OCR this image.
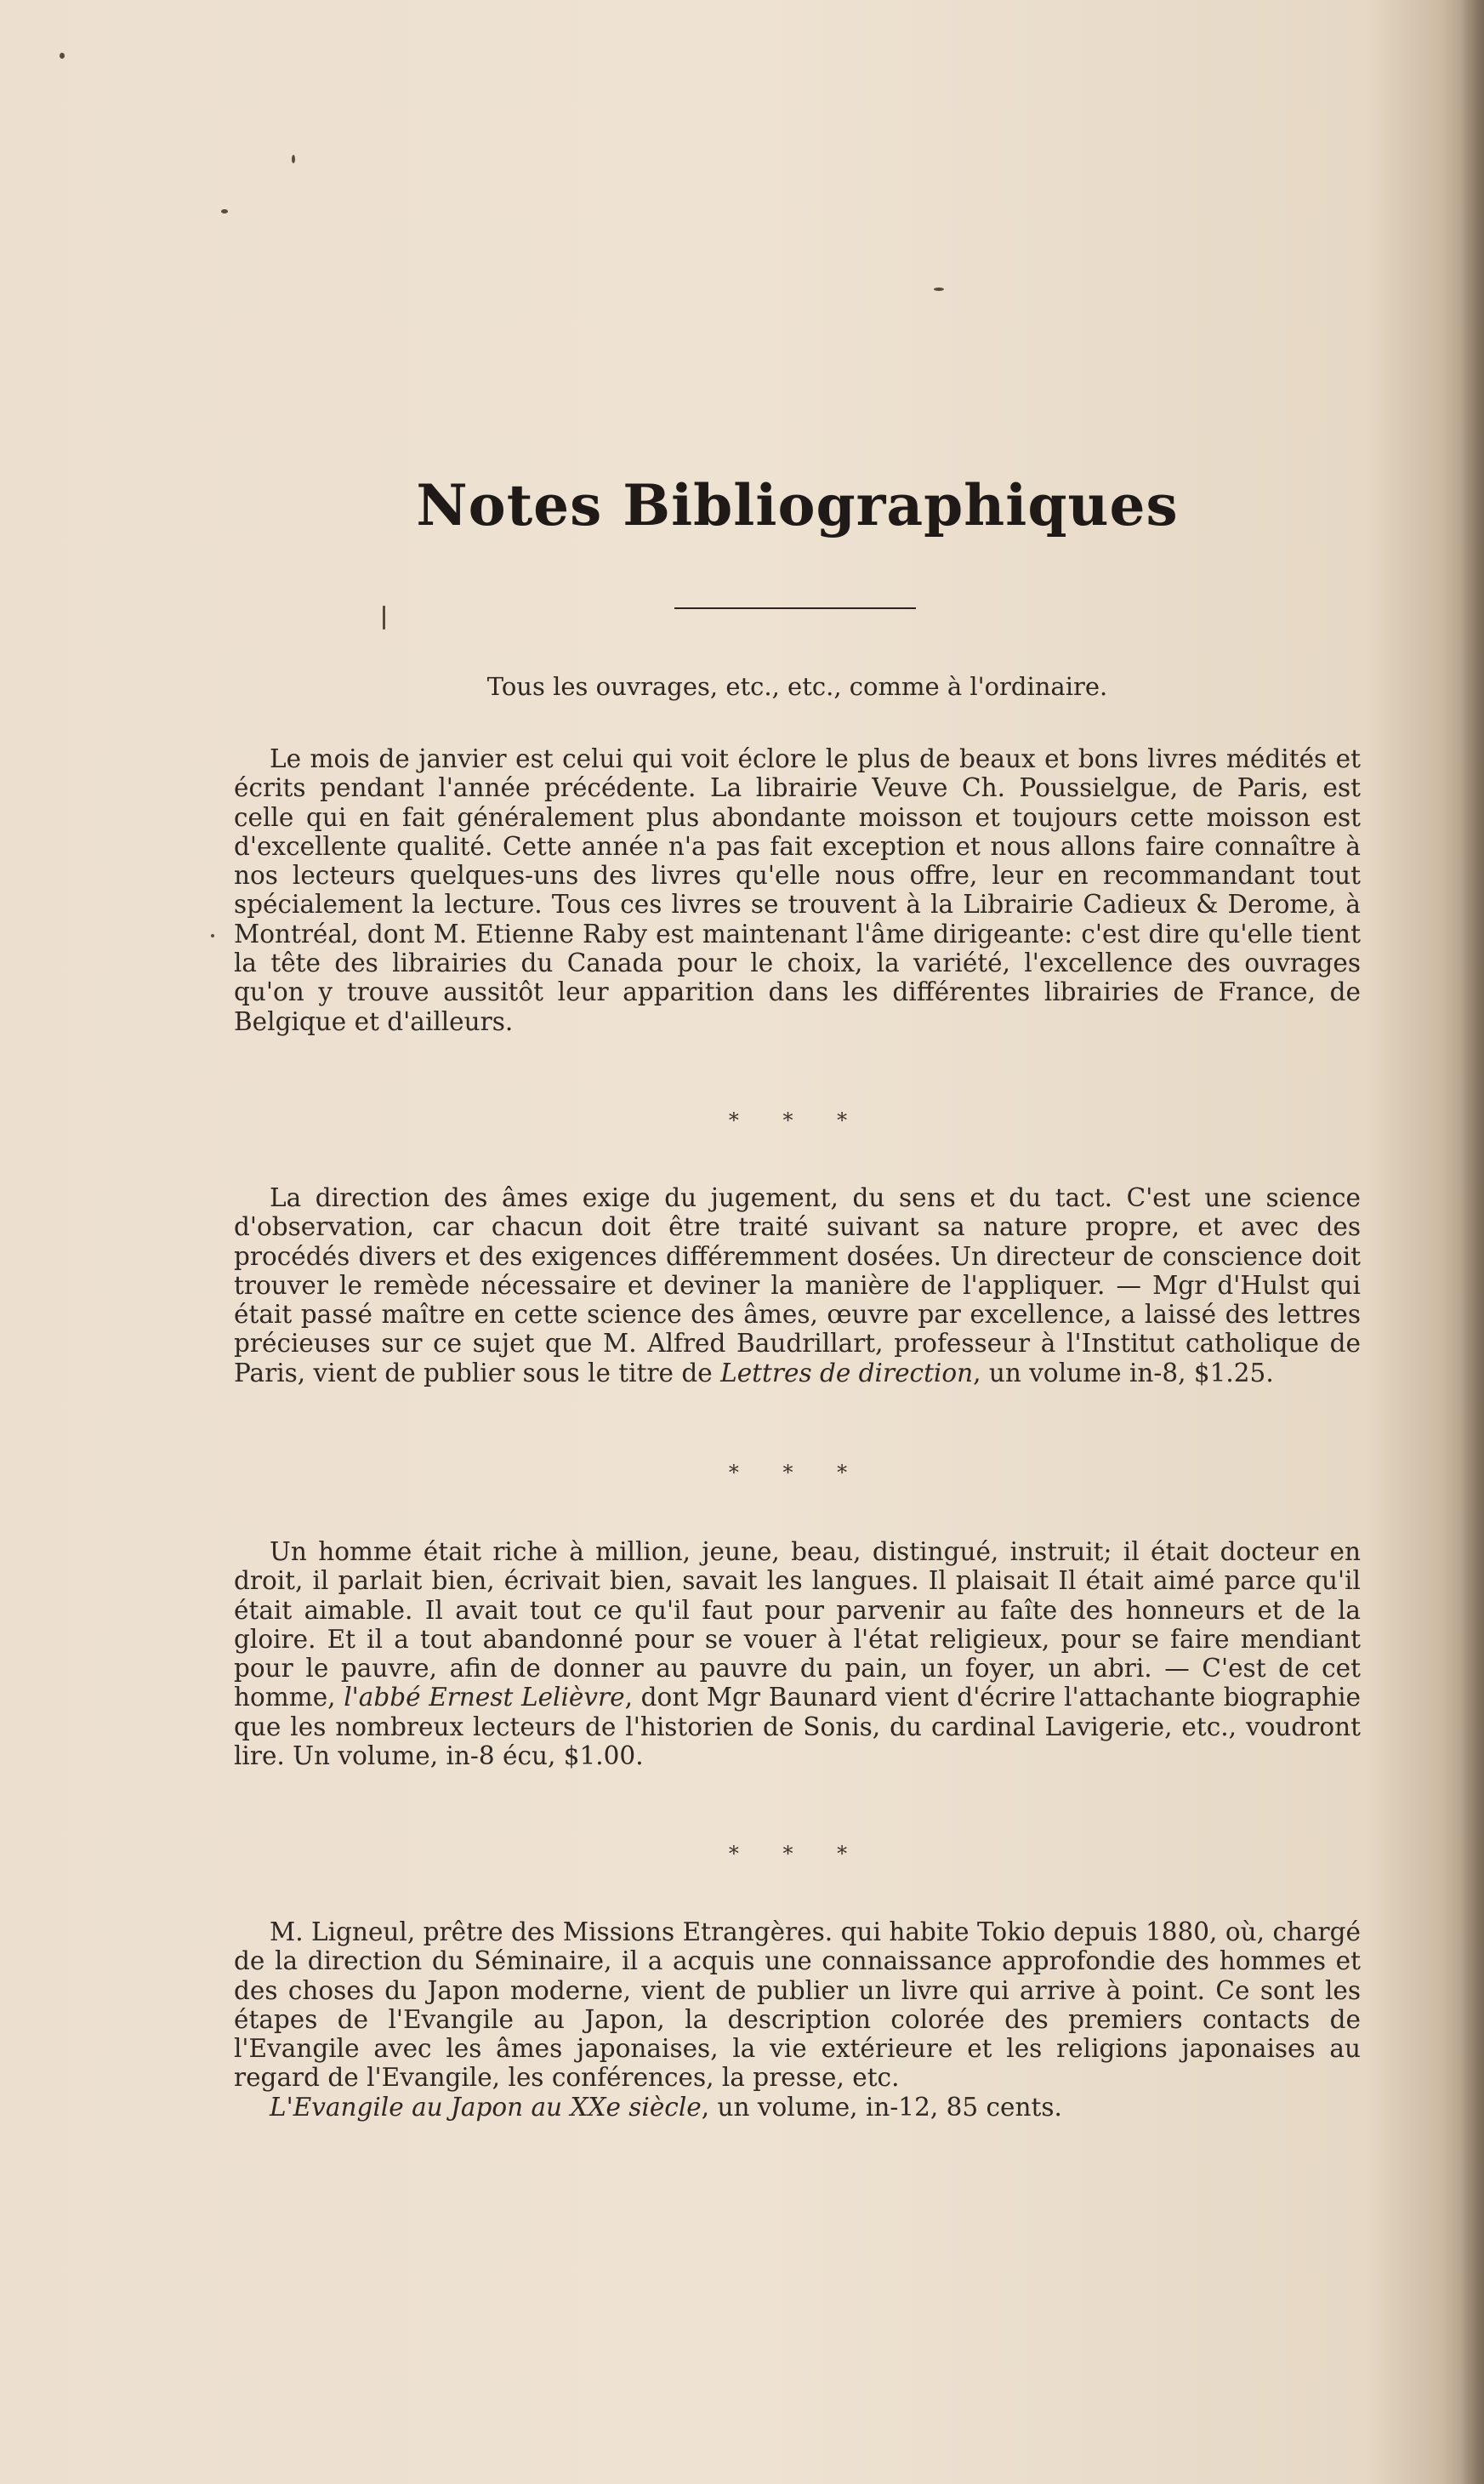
Notes Bibliographiques
Tous les ouvrages, etc., etc., comme à l'ordinaire.

Le mois de janvier est celui qui voit éclore le plus de beaux et bons livres médités et écrits pendant l'année précédente. La librairie Veuve Ch. Poussielgue, de Paris, est celle qui en fait généralement plus abondante moisson et toujours cette moisson est d'excellente qualité. Cette année n'a pas fait exception et nous allons faire connaître à nos lecteurs quelques-uns des livres qu'elle nous offre, leur en recommandant tout spécialement la lecture. Tous ces livres se trouvent à la Librairie Cadieux & Derome, à Montréal, dont M. Etienne Raby est maintenant l'âme dirigeante: c'est dire qu'elle tient la tête des librairies du Canada pour le choix, la variété, l'excellence des ouvrages qu'on y trouve aussitôt leur apparition dans les différentes librairies de France, de Belgique et d'ailleurs.

* * *

La direction des âmes exige du jugement, du sens et du tact. C'est une science d'observation, car chacun doit être traité suivant sa nature propre, et avec des procédés divers et des exigences différemment dosées. Un directeur de conscience doit trouver le remède nécessaire et deviner la manière de l'appliquer. — Mgr d'Hulst qui était passé maître en cette science des âmes, œuvre par excellence, a laissé des lettres précieuses sur ce sujet que M. Alfred Baudrillart, professeur à l'Institut catholique de Paris, vient de publier sous le titre de Lettres de direction, un volume in-8, $1.25.

* * *

Un homme était riche à million, jeune, beau, distingué, instruit; il était docteur en droit, il parlait bien, écrivait bien, savait les langues. Il plaisait Il était aimé parce qu'il était aimable. Il avait tout ce qu'il faut pour parvenir au faîte des honneurs et de la gloire. Et il a tout abandonné pour se vouer à l'état religieux, pour se faire mendiant pour le pauvre, afin de donner au pauvre du pain, un foyer, un abri. — C'est de cet homme, l'abbé Ernest Lelièvre, dont Mgr Baunard vient d'écrire l'attachante biographie que les nombreux lecteurs de l'historien de Sonis, du cardinal Lavigerie, etc., voudront lire. Un volume, in-8 écu, $1.00.

* * *

M. Ligneul, prêtre des Missions Etrangères. qui habite Tokio depuis 1880, où, chargé de la direction du Séminaire, il a acquis une connaissance approfondie des hommes et des choses du Japon moderne, vient de publier un livre qui arrive à point. Ce sont les étapes de l'Evangile au Japon, la description colorée des premiers contacts de l'Evangile avec les âmes japonaises, la vie extérieure et les religions japonaises au regard de l'Evangile, les conférences, la presse, etc.

L'Evangile au Japon au XXe siècle, un volume, in-12, 85 cents.
